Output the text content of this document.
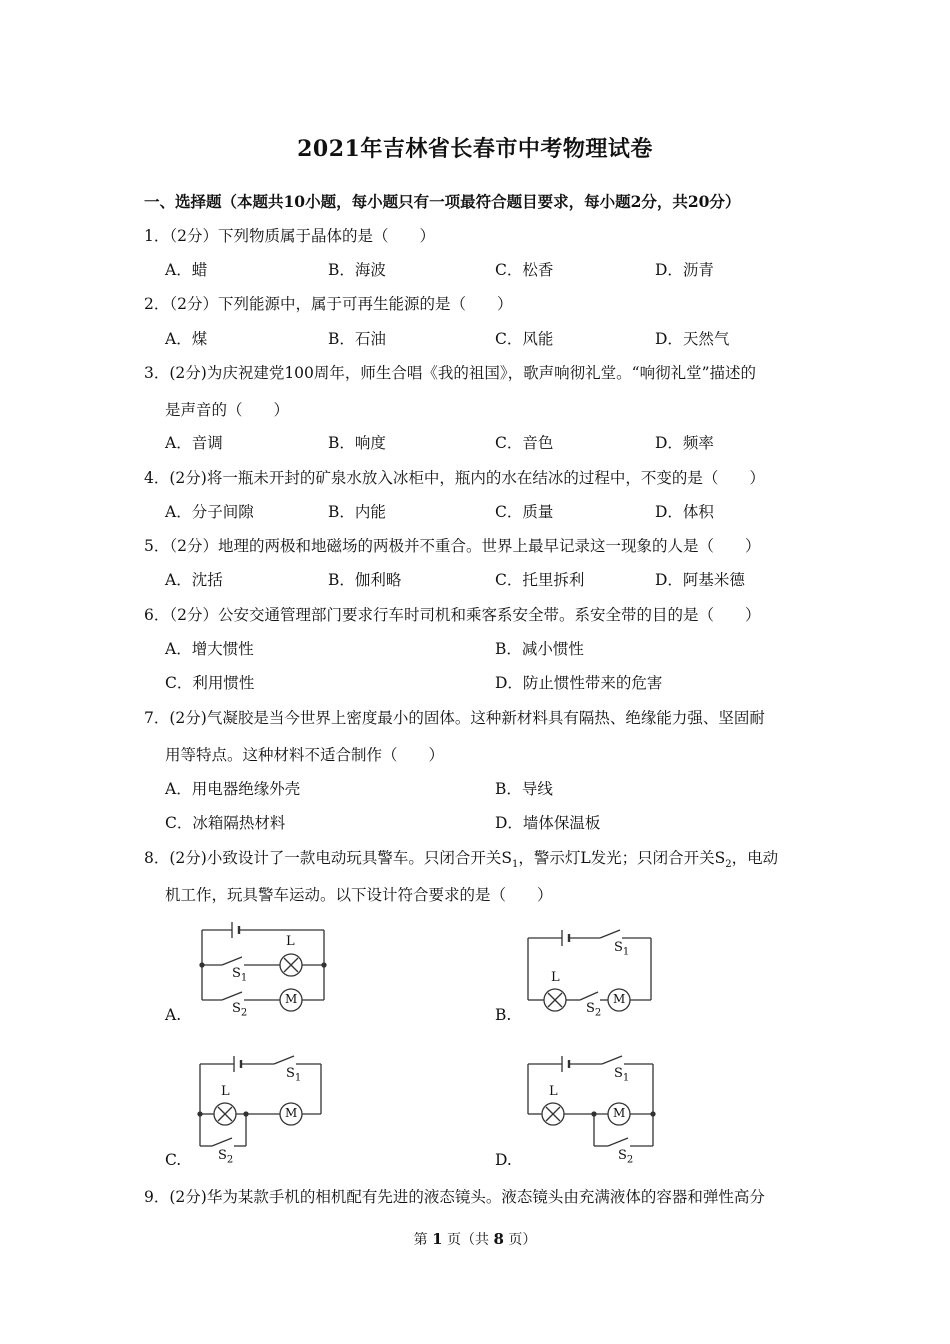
2021年吉林省长春市中考物理试卷
一、选择题（本题共10小题，每小题只有一项最符合题目要求，每小题2分，共20分）
1．（2分）下列物质属于晶体的是（　　）
A．蜡	B．海波	C．松香	D．沥青
2．（2分）下列能源中，属于可再生能源的是（　　）
A．煤	B．石油	C．风能	D．天然气
3．(2分)为庆祝建党100周年，师生合唱《我的祖国》，歌声响彻礼堂。“响彻礼堂”描述的
是声音的（　　）
A．音调	B．响度	C．音色	D．频率
4．(2分)将一瓶未开封的矿泉水放入冰柜中，瓶内的水在结冰的过程中，不变的是（　　）
A．分子间隙	B．内能	C．质量	D．体积
5．（2分）地理的两极和地磁场的两极并不重合。世界上最早记录这一现象的人是（　　）
A．沈括	B．伽利略	C．托里拆利	D．阿基米德
6．（2分）公安交通管理部门要求行车时司机和乘客系安全带。系安全带的目的是（　　）
A．增大惯性	B．减小惯性
C．利用惯性	D．防止惯性带来的危害
7．(2分)气凝胶是当今世界上密度最小的固体。这种新材料具有隔热、绝缘能力强、坚固耐
用等特点。这种材料不适合制作（　　）
A．用电器绝缘外壳	B．导线
C．冰箱隔热材料	D．墙体保温板
8．(2分)小致设计了一款电动玩具警车。只闭合开关$S_1$，警示灯L发光；只闭合开关$S_2$，电动
机工作，玩具警车运动。以下设计符合要求的是（　　）
A.	B.
C.	D.
L
M
$S_1$
$S_2$
L
M
$S_1$
$S_2$
L
M
$S_1$
$S_2$
L
M
$S_1$
$S_2$
9．(2分)华为某款手机的相机配有先进的液态镜头。液态镜头由充满液体的容器和弹性高分
第 1 页（共 8 页）
